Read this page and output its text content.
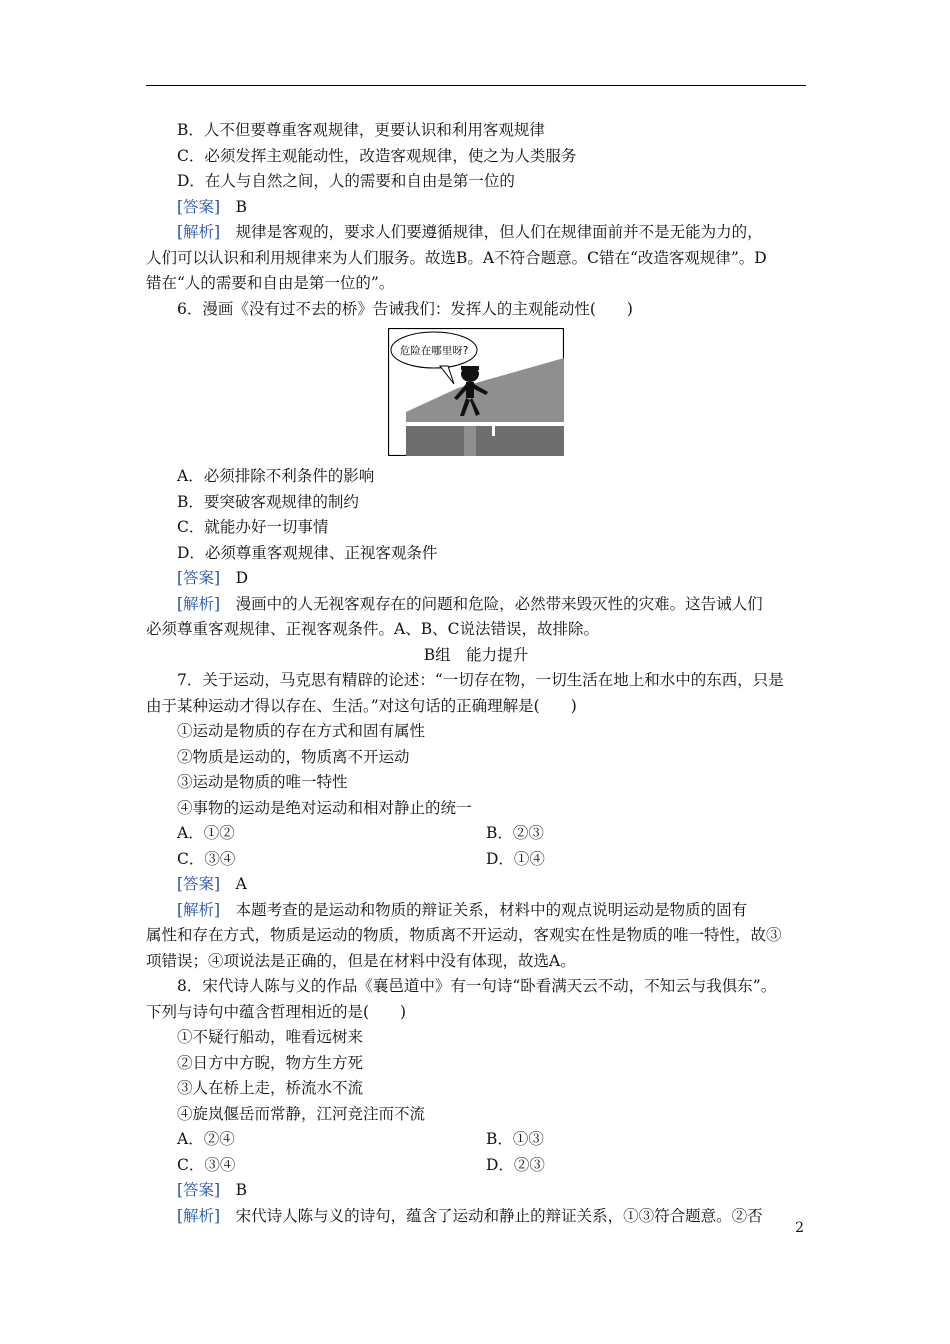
B．人不但要尊重客观规律，更要认识和利用客观规律
C．必须发挥主观能动性，改造客观规律，使之为人类服务
D．在人与自然之间，人的需要和自由是第一位的
[答案]　 B
[解析]　 规律是客观的，要求人们要遵循规律，但人们在规律面前并不是无能为力的，
人们可以认识和利用规律来为人们服务。故选B。A不符合题意。C错在“改造客观规律”。D
错在“人的需要和自由是第一位的”。
6．漫画《没有过不去的桥》告诫我们：发挥人的主观能动性(　　)
危险在哪里呀?
A．必须排除不利条件的影响
B．要突破客观规律的制约
C．就能办好一切事情
D．必须尊重客观规律、正视客观条件
[答案]　 D
[解析]　 漫画中的人无视客观存在的问题和危险，必然带来毁灭性的灾难。这告诫人们
必须尊重客观规律、正视客观条件。A、B、C说法错误，故排除。
B组　能力提升
7．关于运动，马克思有精辟的论述：“一切存在物，一切生活在地上和水中的东西，只是
由于某种运动才得以存在、生活。”对这句话的正确理解是(　　)
①运动是物质的存在方式和固有属性
②物质是运动的，物质离不开运动
③运动是物质的唯一特性
④事物的运动是绝对运动和相对静止的统一
A．①②	B．②③
C．③④	D．①④
[答案]　 A
[解析]　 本题考查的是运动和物质的辩证关系，材料中的观点说明运动是物质的固有
属性和存在方式，物质是运动的物质，物质离不开运动，客观实在性是物质的唯一特性，故③
项错误；④项说法是正确的，但是在材料中没有体现，故选A。
8．宋代诗人陈与义的作品《襄邑道中》有一句诗“卧看满天云不动，不知云与我俱东”。
下列与诗句中蕴含哲理相近的是(　　)
①不疑行船动，唯看远树来
②日方中方睨，物方生方死
③人在桥上走，桥流水不流
④旋岚偃岳而常静，江河竞注而不流
A．②④	B．①③
C．③④	D．②③
[答案]　 B
[解析]　 宋代诗人陈与义的诗句，蕴含了运动和静止的辩证关系，①③符合题意。②否
2
